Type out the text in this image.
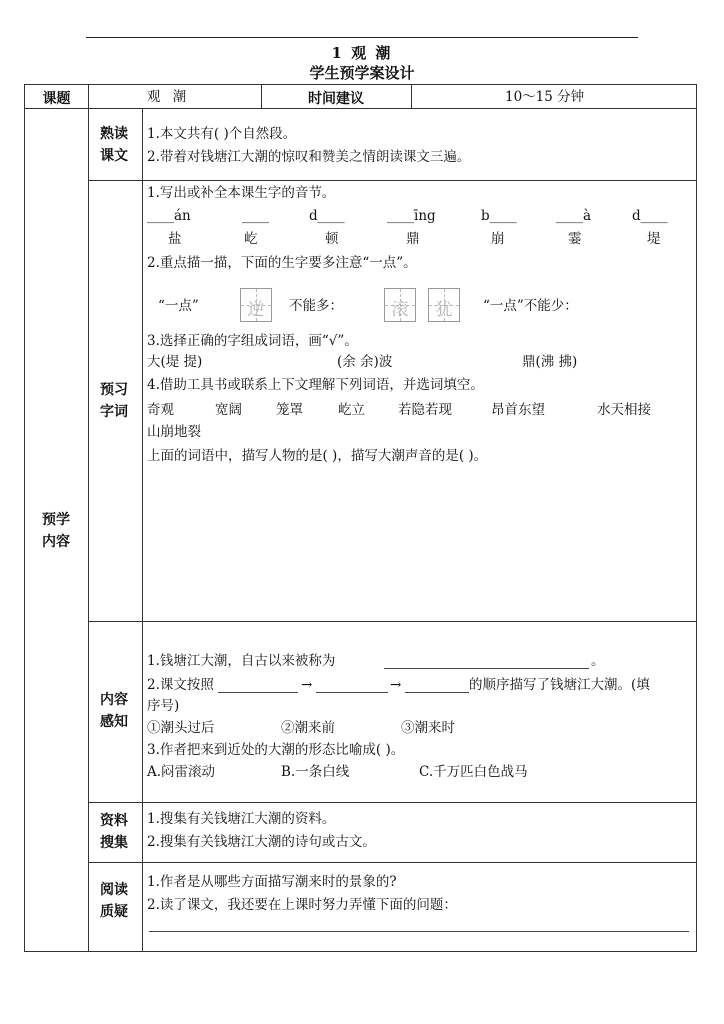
1 观 潮
学生预学案设计
课题	观 潮	时间建议	10～15 分钟
预学
内容
熟读
课文
1.本文共有( )个自然段。
2.带着对钱塘江大潮的惊叹和赞美之情朗读课文三遍。
预习
字词
1.写出或补全本课生字的音节。
____án	____	d____	____īng	b____	____à	d____
盐	屹	顿	鼎	崩	霎	堤
2.重点描一描，下面的生字要多注意“一点”。
“一点”	逆	不能多：	滚	犹	“一点”不能少：
3.选择正确的字组成词语，画“√”。
大(堤 提)	(余 余)波	鼎(沸 拂)
4.借助工具书或联系上下文理解下列词语，并选词填空。
奇观	宽阔	笼罩	屹立 若隐若现	昂首东望	水天相接
山崩地裂
上面的词语中，描写人物的是( )，描写大潮声音的是( )。
内容
感知
1.钱塘江大潮，自古以来被称为	。
2.课文按照	→	→	的顺序描写了钱塘江大潮。(填
序号)
①潮头过后	②潮来前	③潮来时
3.作者把来到近处的大潮的形态比喻成( )。
A.闷雷滚动	B.一条白线	C.千万匹白色战马
资料
搜集
1.搜集有关钱塘江大潮的资料。
2.搜集有关钱塘江大潮的诗句或古文。
阅读
质疑
1.作者是从哪些方面描写潮来时的景象的?
2.读了课文，我还要在上课时努力弄懂下面的问题：
